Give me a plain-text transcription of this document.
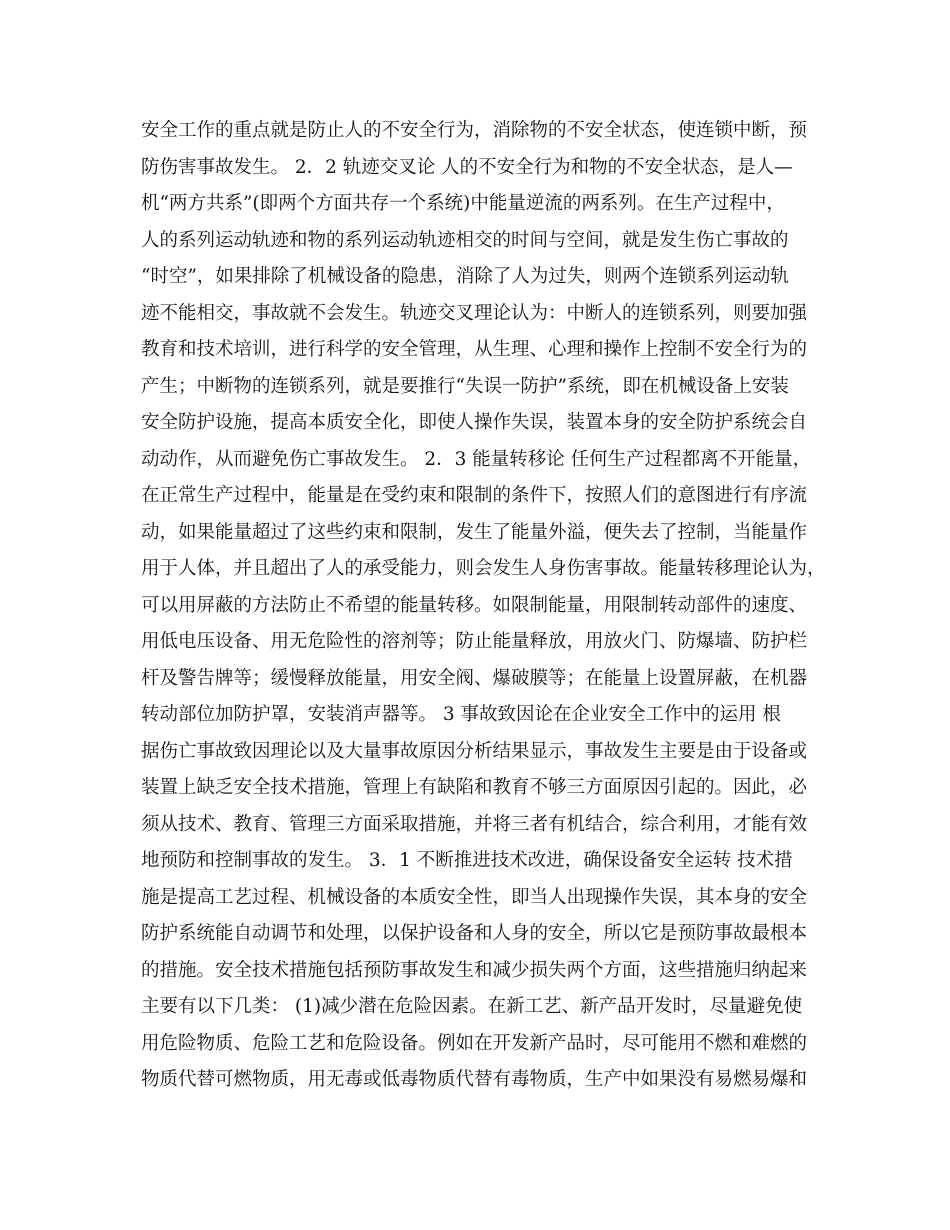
安全工作的重点就是防止人的不安全行为，消除物的不安全状态，使连锁中断，预
防伤害事故发生。 2．2 轨迹交叉论 人的不安全行为和物的不安全状态，是人—
机“两方共系”(即两个方面共存一个系统)中能量逆流的两系列。在生产过程中，
人的系列运动轨迹和物的系列运动轨迹相交的时间与空间，就是发生伤亡事故的
“时空”，如果排除了机械设备的隐患，消除了人为过失，则两个连锁系列运动轨
迹不能相交，事故就不会发生。轨迹交叉理论认为：中断人的连锁系列，则要加强
教育和技术培训，进行科学的安全管理，从生理、心理和操作上控制不安全行为的
产生；中断物的连锁系列，就是要推行“失误一防护”系统，即在机械设备上安装
安全防护设施，提高本质安全化，即使人操作失误，装置本身的安全防护系统会自
动动作，从而避免伤亡事故发生。 2．3 能量转移论 任何生产过程都离不开能量，
在正常生产过程中，能量是在受约束和限制的条件下，按照人们的意图进行有序流
动，如果能量超过了这些约束和限制，发生了能量外溢，便失去了控制，当能量作
用于人体，并且超出了人的承受能力，则会发生人身伤害事故。能量转移理论认为，
可以用屏蔽的方法防止不希望的能量转移。如限制能量，用限制转动部件的速度、
用低电压设备、用无危险性的溶剂等；防止能量释放，用放火门、防爆墙、防护栏
杆及警告牌等；缓慢释放能量，用安全阀、爆破膜等；在能量上设置屏蔽，在机器
转动部位加防护罩，安装消声器等。 3 事故致因论在企业安全工作中的运用 根
据伤亡事故致因理论以及大量事故原因分析结果显示，事故发生主要是由于设备或
装置上缺乏安全技术措施，管理上有缺陷和教育不够三方面原因引起的。因此，必
须从技术、教育、管理三方面采取措施，并将三者有机结合，综合利用，才能有效
地预防和控制事故的发生。 3．1 不断推进技术改进，确保设备安全运转 技术措
施是提高工艺过程、机械设备的本质安全性，即当人出现操作失误，其本身的安全
防护系统能自动调节和处理，以保护设备和人身的安全，所以它是预防事故最根本
的措施。安全技术措施包括预防事故发生和减少损失两个方面，这些措施归纳起来
主要有以下几类： (1)减少潜在危险因素。在新工艺、新产品开发时，尽量避免使
用危险物质、危险工艺和危险设备。例如在开发新产品时，尽可能用不燃和难燃的
物质代替可燃物质，用无毒或低毒物质代替有毒物质，生产中如果没有易燃易爆和
